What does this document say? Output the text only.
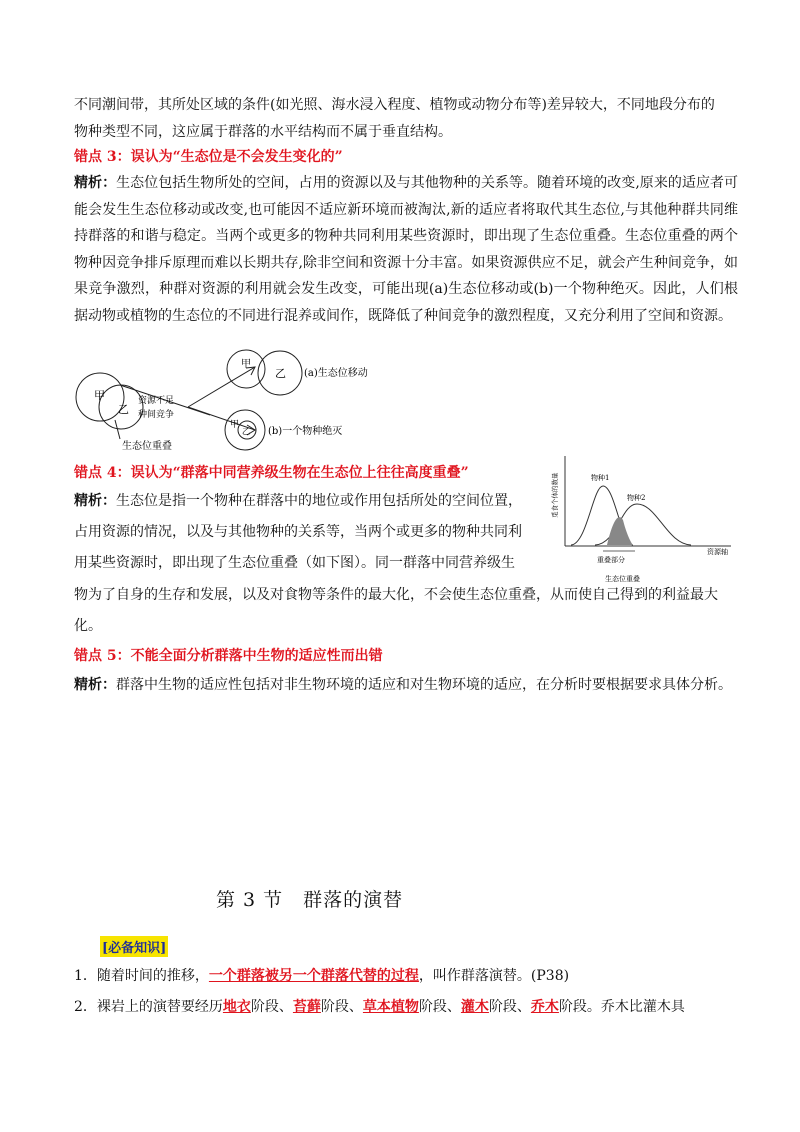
不同潮间带，其所处区域的条件(如光照、海水浸入程度、植物或动物分布等)差异较大，不同地段分布的
物种类型不同，这应属于群落的水平结构而不属于垂直结构。
错点 3：误认为“生态位是不会发生变化的”
精析：生态位包括生物所处的空间，占用的资源以及与其他物种的关系等。随着环境的改变,原来的适应者可能会发生生态位移动或改变,也可能因不适应新环境而被淘汰,新的适应者将取代其生态位,与其他种群共同维持群落的和谐与稳定。当两个或更多的物种共同利用某些资源时，即出现了生态位重叠。生态位重叠的两个物种因竞争排斥原理而难以长期共存,除非空间和资源十分丰富。如果资源供应不足，就会产生种间竞争，如果竞争激烈，种群对资源的利用就会发生改变，可能出现(a)生态位移动或(b)一个物种绝灭。因此，人们根据动物或植物的生态位的不同进行混养或间作，既降低了种间竞争的激烈程度，又充分利用了空间和资源。
甲
乙
资源不足
种间竞争
生态位重叠
甲
乙 (a)生态位移动
甲
乙 (b)一个物种绝灭
错点 4：误认为“群落中同营养级生物在生态位上往往高度重叠”
精析：生态位是指一个物种在群落中的地位或作用包括所处的空间位置，
占用资源的情况，以及与其他物种的关系等，当两个或更多的物种共同利
用某些资源时，即出现了生态位重叠（如下图）。同一群落中同营养级生
物为了自身的生存和发展，以及对食物等条件的最大化，不会使生态位重叠，从而使自己得到的利益最大
化。
觅食个体的数量	物种1
物种2
资源轴
重叠部分
生态位重叠
错点 5：不能全面分析群落中生物的适应性而出错
精析：群落中生物的适应性包括对非生物环境的适应和对生物环境的适应，在分析时要根据要求具体分析。
第 3 节　群落的演替
[必备知识]
1．随着时间的推移，一个群落被另一个群落代替的过程，叫作群落演替。(P38)
2．裸岩上的演替要经历地衣阶段、苔藓阶段、草本植物阶段、灌木阶段、乔木阶段。乔木比灌木具
